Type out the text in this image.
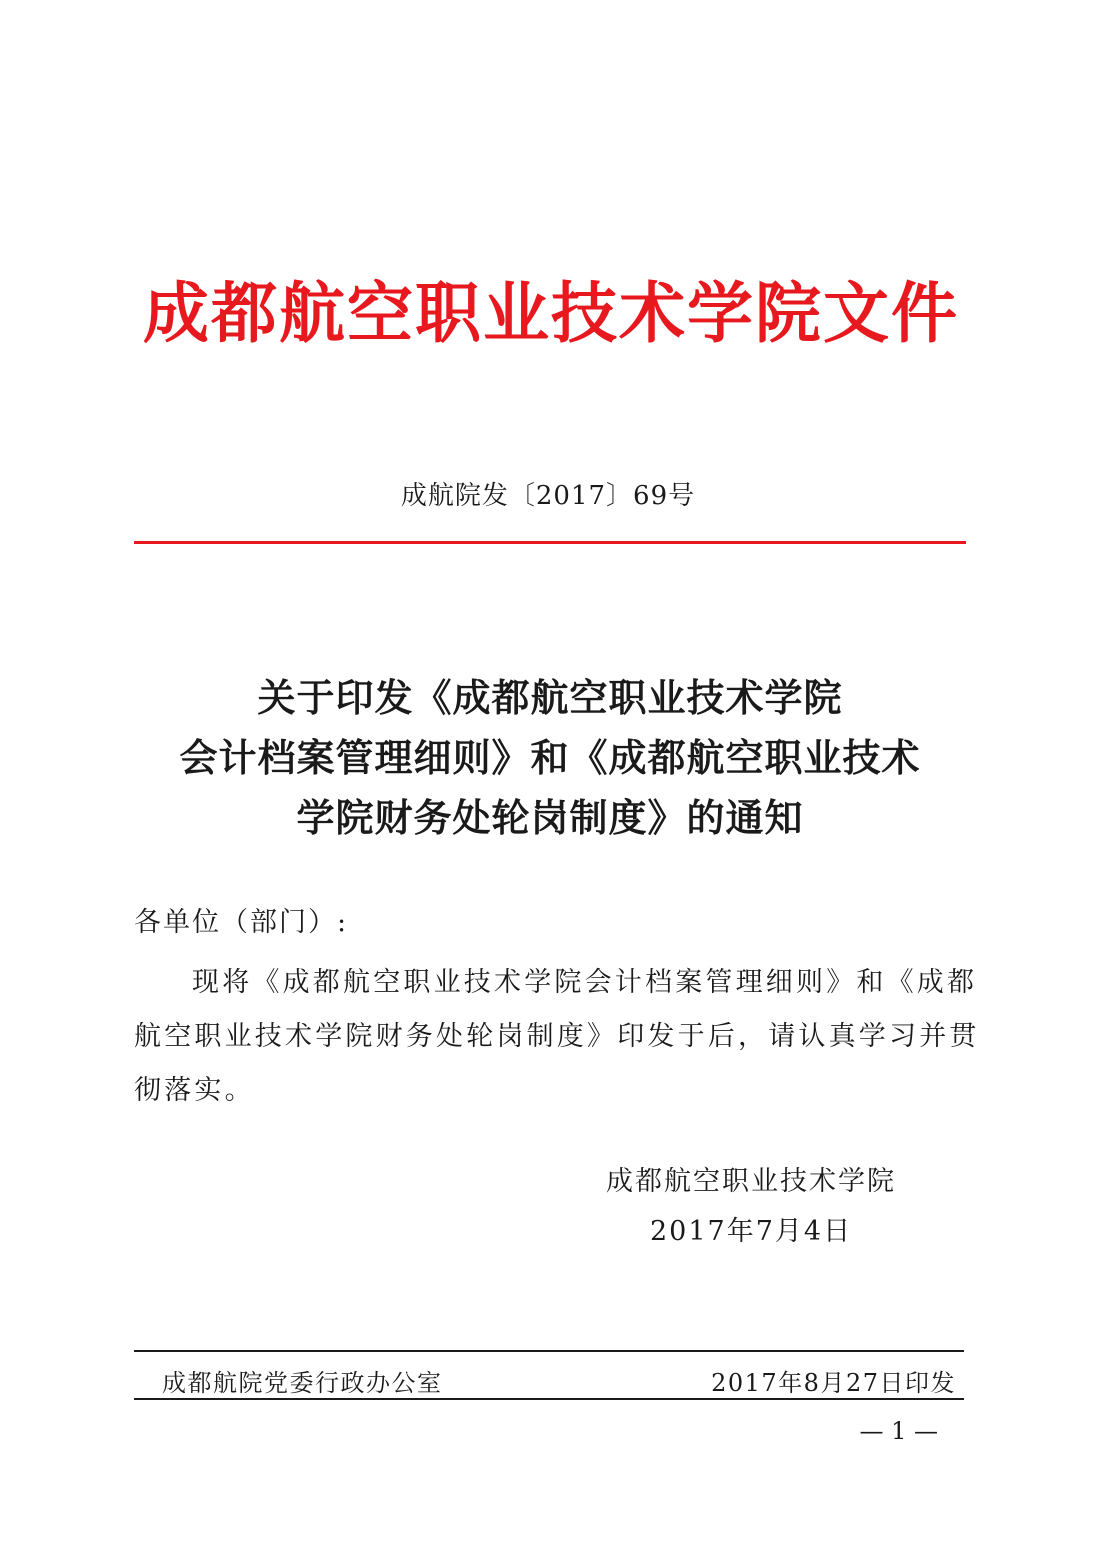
成都航空职业技术学院文件
成航院发〔2017〕69号
关于印发《成都航空职业技术学院
会计档案管理细则》和《成都航空职业技术
学院财务处轮岗制度》的通知
各单位（部门）:
现将《成都航空职业技术学院会计档案管理细则》和《成都
航空职业技术学院财务处轮岗制度》印发于后，请认真学习并贯
彻落实。
成都航空职业技术学院
2017年7月4日
成都航院党委行政办公室	2017年8月27日印发
— 1 —
